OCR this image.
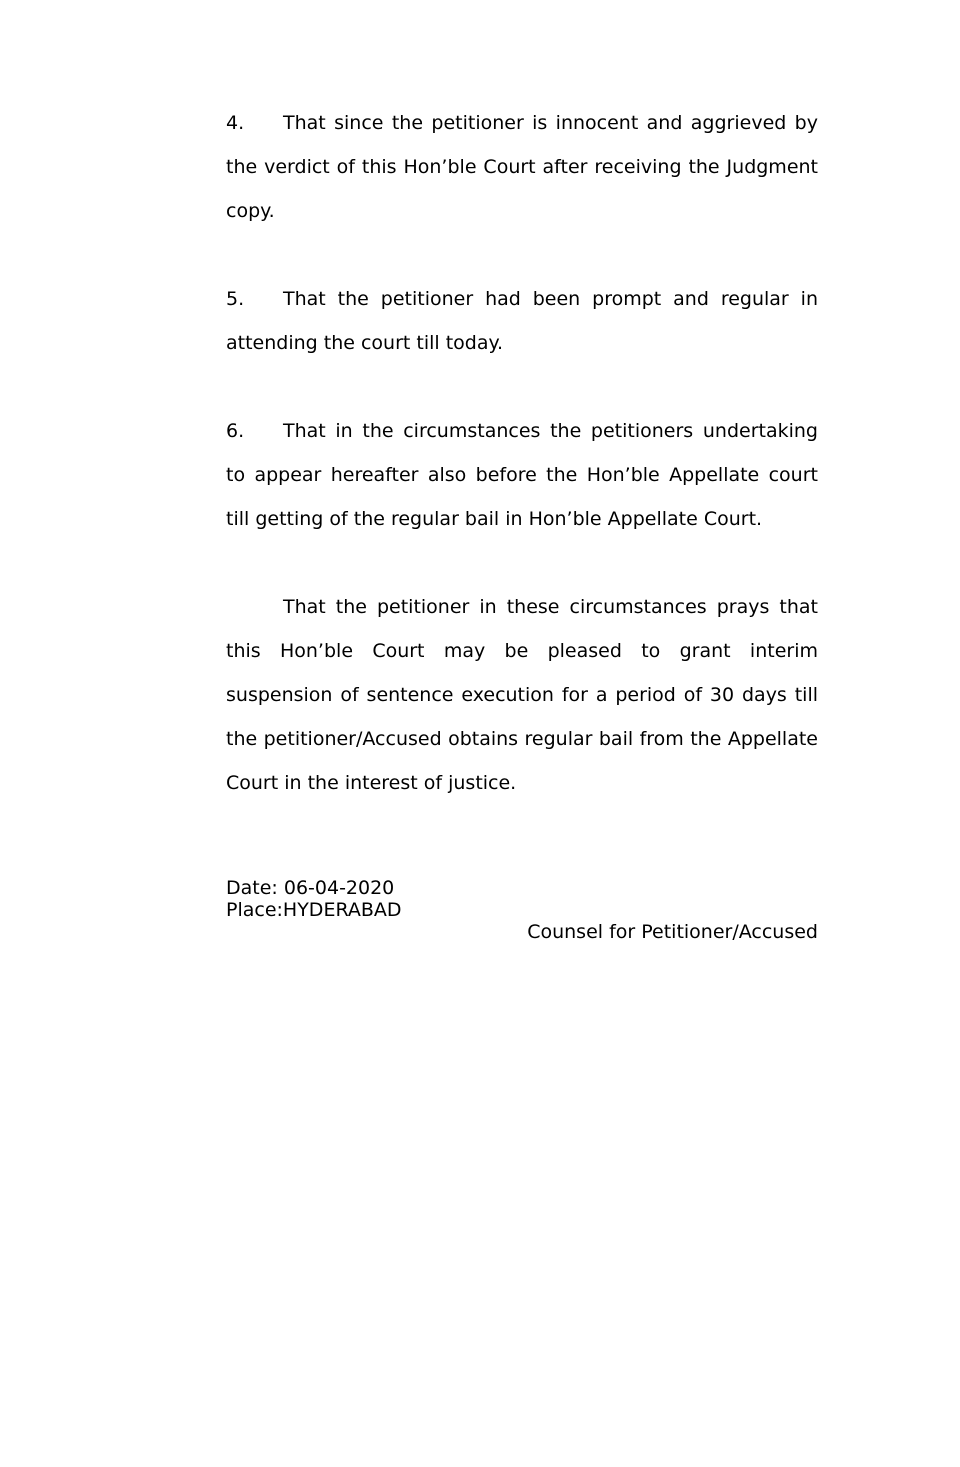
4. That since the petitioner is innocent and aggrieved by the verdict of this Hon’ble Court after receiving the Judgment copy.

5. That the petitioner had been prompt and regular in attending the court till today.

6. That in the circumstances the petitioners undertaking to appear hereafter also before the Hon’ble Appellate court till getting of the regular bail in Hon’ble Appellate Court.

That the petitioner in these circumstances prays that this Hon’ble Court may be pleased to grant interim suspension of sentence execution for a period of 30 days till the petitioner/Accused obtains regular bail from the Appellate Court in the interest of justice.

Date: 06-04-2020
Place:HYDERABAD
Counsel for Petitioner/Accused
